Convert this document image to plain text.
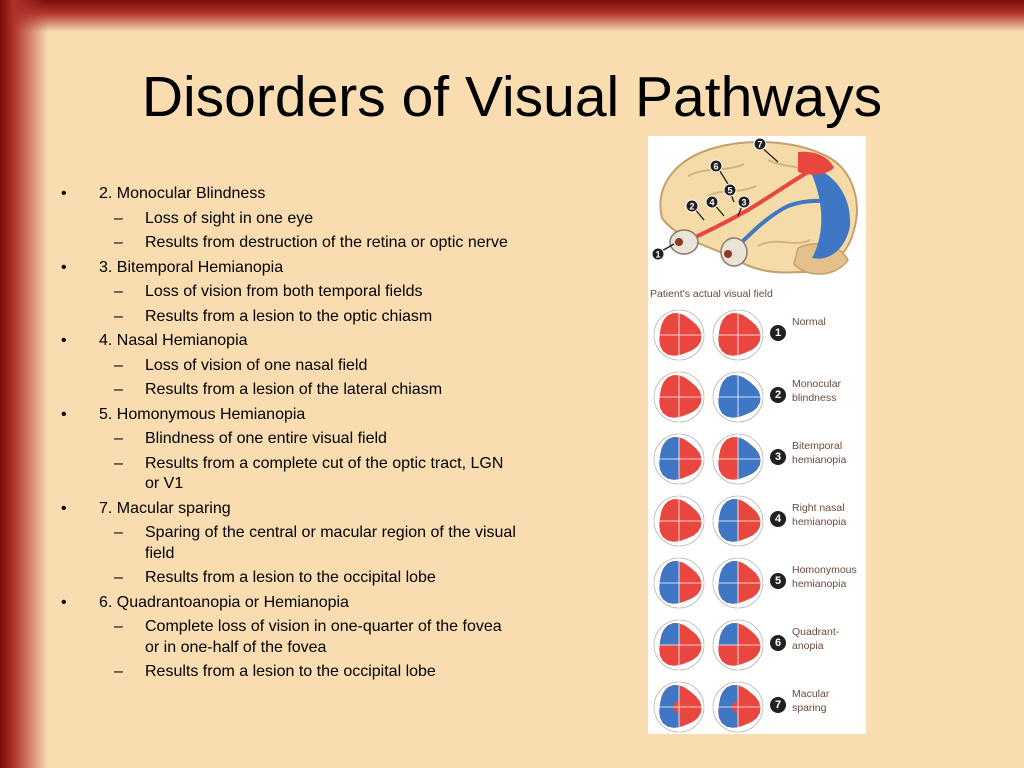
Disorders of Visual Pathways
• 2. Monocular Blindness
– Loss of sight in one eye
– Results from destruction of the retina or optic nerve
• 3. Bitemporal Hemianopia
– Loss of vision from both temporal fields
– Results from a lesion to the optic chiasm
• 4. Nasal Hemianopia
– Loss of vision of one nasal field
– Results from a lesion of the lateral chiasm
• 5. Homonymous Hemianopia
– Blindness of one entire visual field
– Results from a complete cut of the optic tract, LGN or V1
• 7. Macular sparing
– Sparing of the central or macular region of the visual field
– Results from a lesion to the occipital lobe
• 6. Quadrantoanopia or Hemianopia
– Complete loss of vision in one-quarter of the fovea or in one-half of the fovea
– Results from a lesion to the occipital lobe
1
2 4	3
5
6
7
Patient's actual visual field
1
Normal
2
Monocular blindness
3
Bitemporal hemianopia
4
Right nasal hemianopia
5
Homonymous hemianopia
6
Quadrant-anopia
7
Macular sparing
